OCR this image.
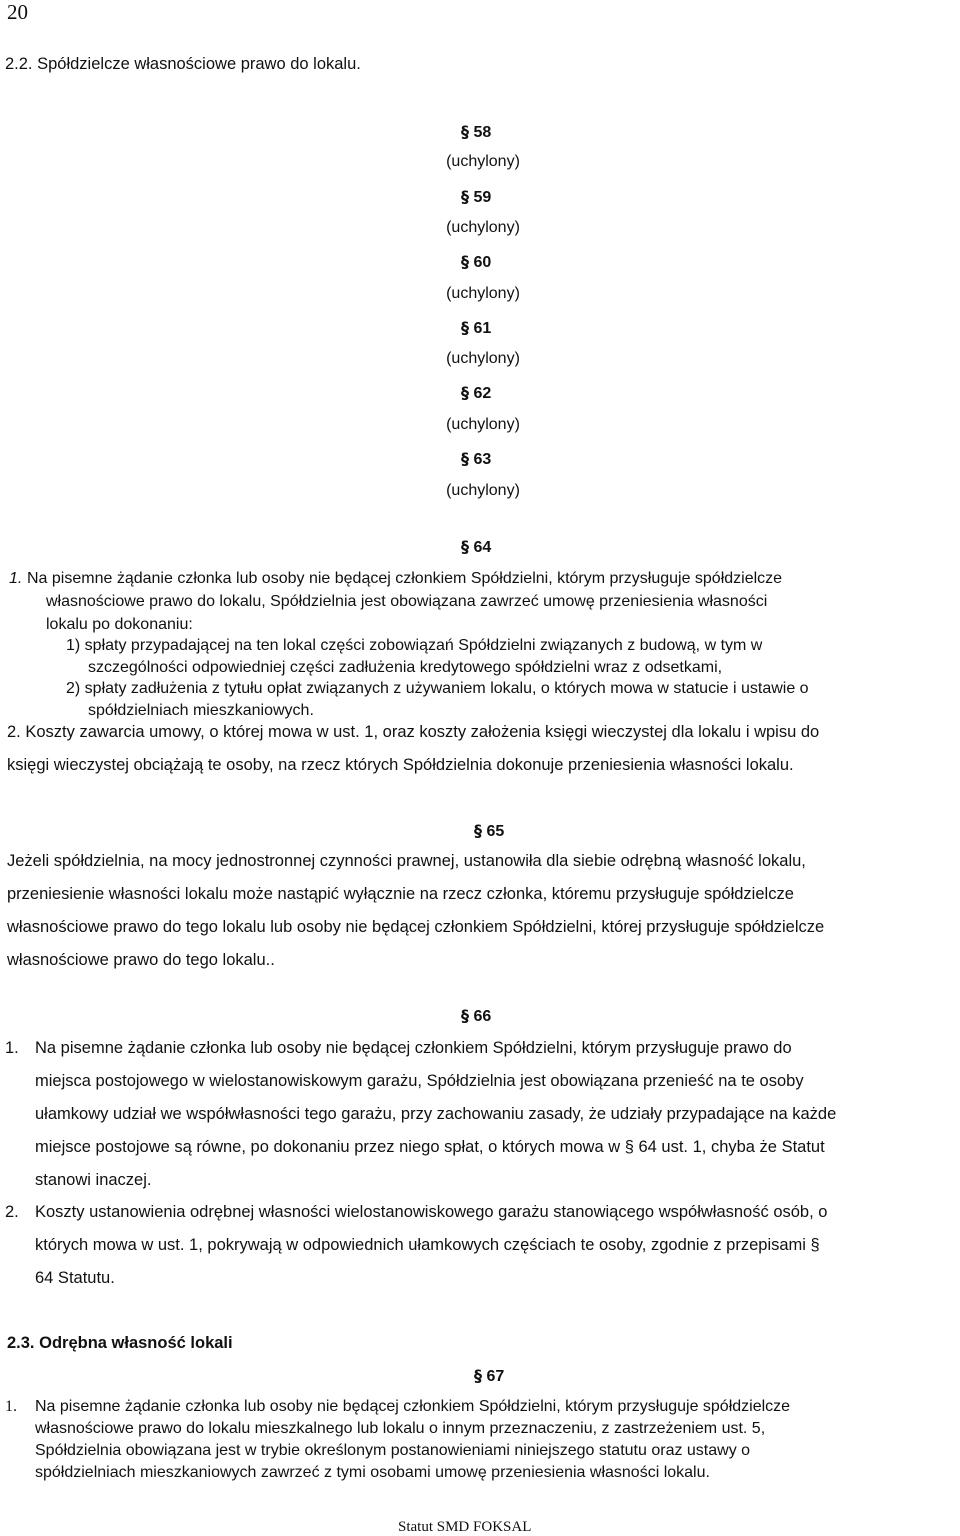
20
2.2. Spółdzielcze własnościowe prawo do lokalu.
§ 58
(uchylony)
§ 59
(uchylony)
§ 60
(uchylony)
§ 61
(uchylony)
§ 62
(uchylony)
§ 63
(uchylony)
§ 64
1. Na pisemne żądanie członka lub osoby nie będącej członkiem Spółdzielni, którym przysługuje spółdzielcze
własnościowe prawo do lokalu, Spółdzielnia jest obowiązana zawrzeć umowę przeniesienia własności
lokalu po dokonaniu:
1) spłaty przypadającej na ten lokal części zobowiązań Spółdzielni związanych z budową, w tym w
szczególności odpowiedniej części zadłużenia kredytowego spółdzielni wraz z odsetkami,
2) spłaty zadłużenia z tytułu opłat związanych z używaniem lokalu, o których mowa w statucie i ustawie o
spółdzielniach mieszkaniowych.
2. Koszty zawarcia umowy, o której mowa w ust. 1, oraz koszty założenia księgi wieczystej dla lokalu i wpisu do
księgi wieczystej obciążają te osoby, na rzecz których Spółdzielnia dokonuje przeniesienia własności lokalu.
§ 65
Jeżeli spółdzielnia, na mocy jednostronnej czynności prawnej, ustanowiła dla siebie odrębną własność lokalu,
przeniesienie własności lokalu może nastąpić wyłącznie na rzecz członka, któremu przysługuje spółdzielcze
własnościowe prawo do tego lokalu lub osoby nie będącej członkiem Spółdzielni, której przysługuje spółdzielcze
własnościowe prawo do tego lokalu..
§ 66
1. Na pisemne żądanie członka lub osoby nie będącej członkiem Spółdzielni, którym przysługuje prawo do
miejsca postojowego w wielostanowiskowym garażu, Spółdzielnia jest obowiązana przenieść na te osoby
ułamkowy udział we współwłasności tego garażu, przy zachowaniu zasady, że udziały przypadające na każde
miejsce postojowe są równe, po dokonaniu przez niego spłat, o których mowa w § 64 ust. 1, chyba że Statut
stanowi inaczej.
2. Koszty ustanowienia odrębnej własności wielostanowiskowego garażu stanowiącego współwłasność osób, o
których mowa w ust. 1, pokrywają w odpowiednich ułamkowych częściach te osoby, zgodnie z przepisami §
64 Statutu.
2.3. Odrębna własność lokali
§ 67
1. Na pisemne żądanie członka lub osoby nie będącej członkiem Spółdzielni, którym przysługuje spółdzielcze
własnościowe prawo do lokalu mieszkalnego lub lokalu o innym przeznaczeniu, z zastrzeżeniem ust. 5,
Spółdzielnia obowiązana jest w trybie określonym postanowieniami niniejszego statutu oraz ustawy o
spółdzielniach mieszkaniowych zawrzeć z tymi osobami umowę przeniesienia własności lokalu.
Statut SMD FOKSAL
